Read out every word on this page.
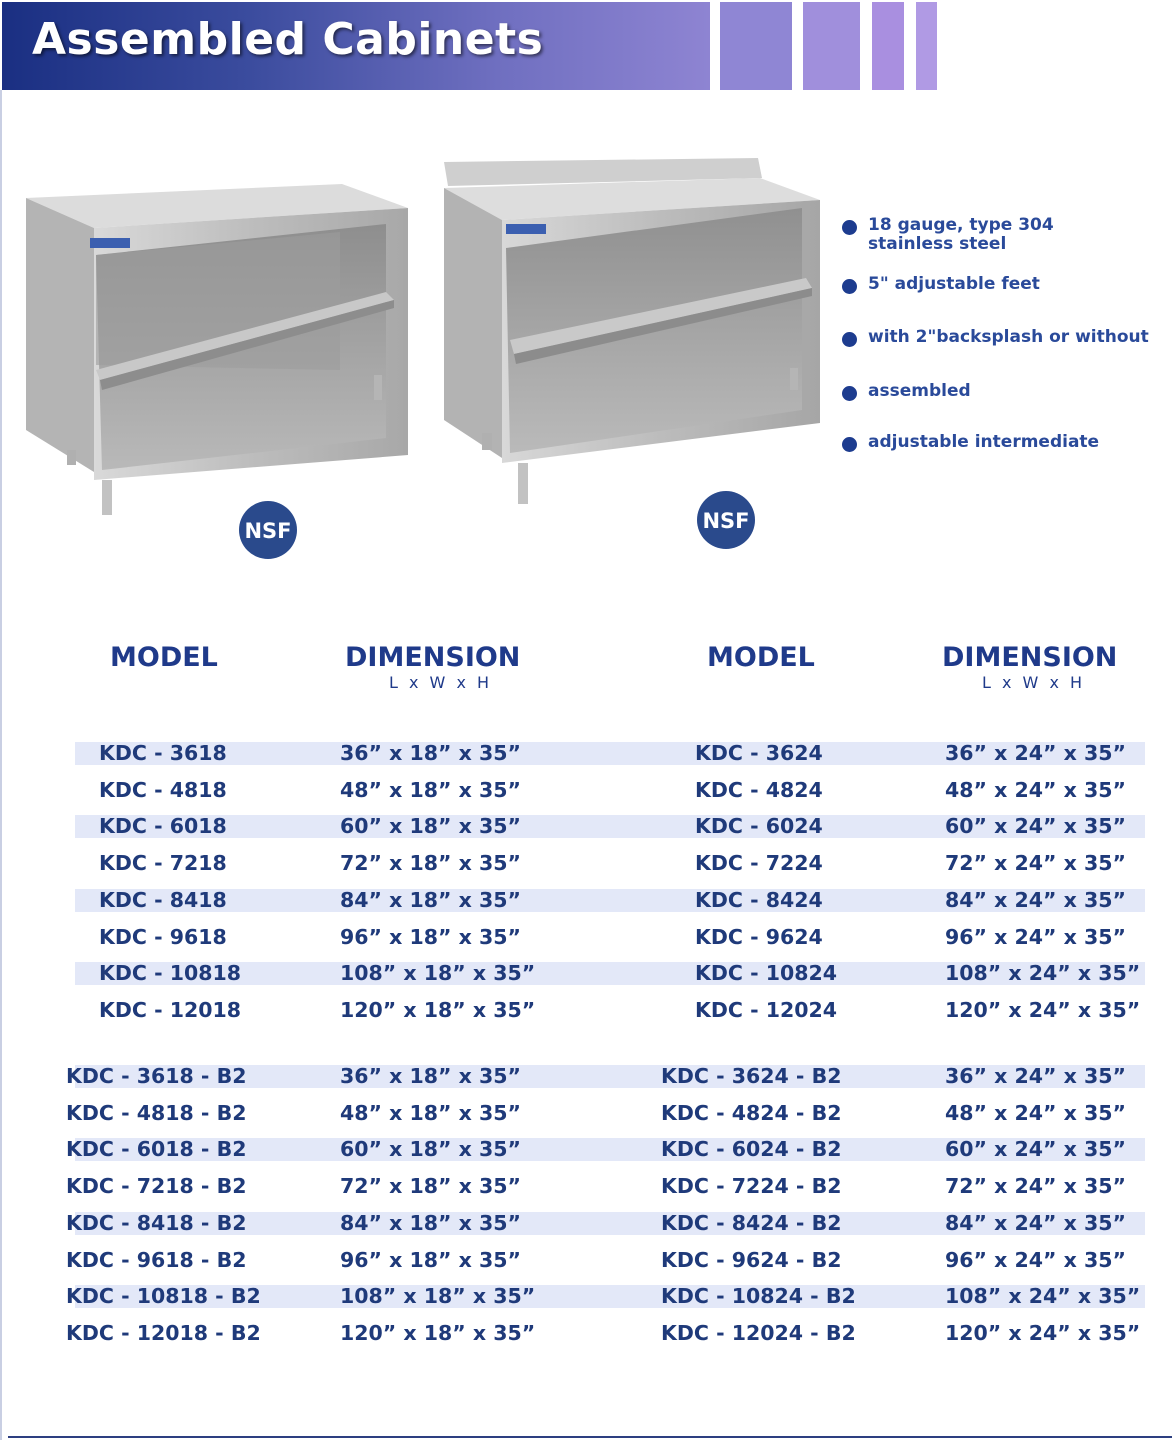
Assembled Cabinets
NSF	NSF
18 gauge, type 304
stainless steel
5" adjustable feet
with 2"backsplash or without
assembled
adjustable intermediate
MODEL	DIMENSION
L x W x H
MODEL	DIMENSION
L x W x H
KDC - 3618	36” x 18” x 35”
KDC - 4818	48” x 18” x 35”
KDC - 6018	60” x 18” x 35”
KDC - 7218	72” x 18” x 35”
KDC - 8418	84” x 18” x 35”
KDC - 9618	96” x 18” x 35”
KDC - 10818	108” x 18” x 35”
KDC - 12018	120” x 18” x 35”
KDC - 3624	36” x 24” x 35”
KDC - 4824	48” x 24” x 35”
KDC - 6024	60” x 24” x 35”
KDC - 7224	72” x 24” x 35”
KDC - 8424	84” x 24” x 35”
KDC - 9624	96” x 24” x 35”
KDC - 10824	108” x 24” x 35”
KDC - 12024	120” x 24” x 35”
KDC - 3618 - B2	36” x 18” x 35”
KDC - 4818 - B2	48” x 18” x 35”
KDC - 6018 - B2	60” x 18” x 35”
KDC - 7218 - B2	72” x 18” x 35”
KDC - 8418 - B2	84” x 18” x 35”
KDC - 9618 - B2	96” x 18” x 35”
KDC - 10818 - B2	108” x 18” x 35”
KDC - 12018 - B2	120” x 18” x 35”
KDC - 3624 - B2	36” x 24” x 35”
KDC - 4824 - B2	48” x 24” x 35”
KDC - 6024 - B2	60” x 24” x 35”
KDC - 7224 - B2	72” x 24” x 35”
KDC - 8424 - B2	84” x 24” x 35”
KDC - 9624 - B2	96” x 24” x 35”
KDC - 10824 - B2	108” x 24” x 35”
KDC - 12024 - B2	120” x 24” x 35”
